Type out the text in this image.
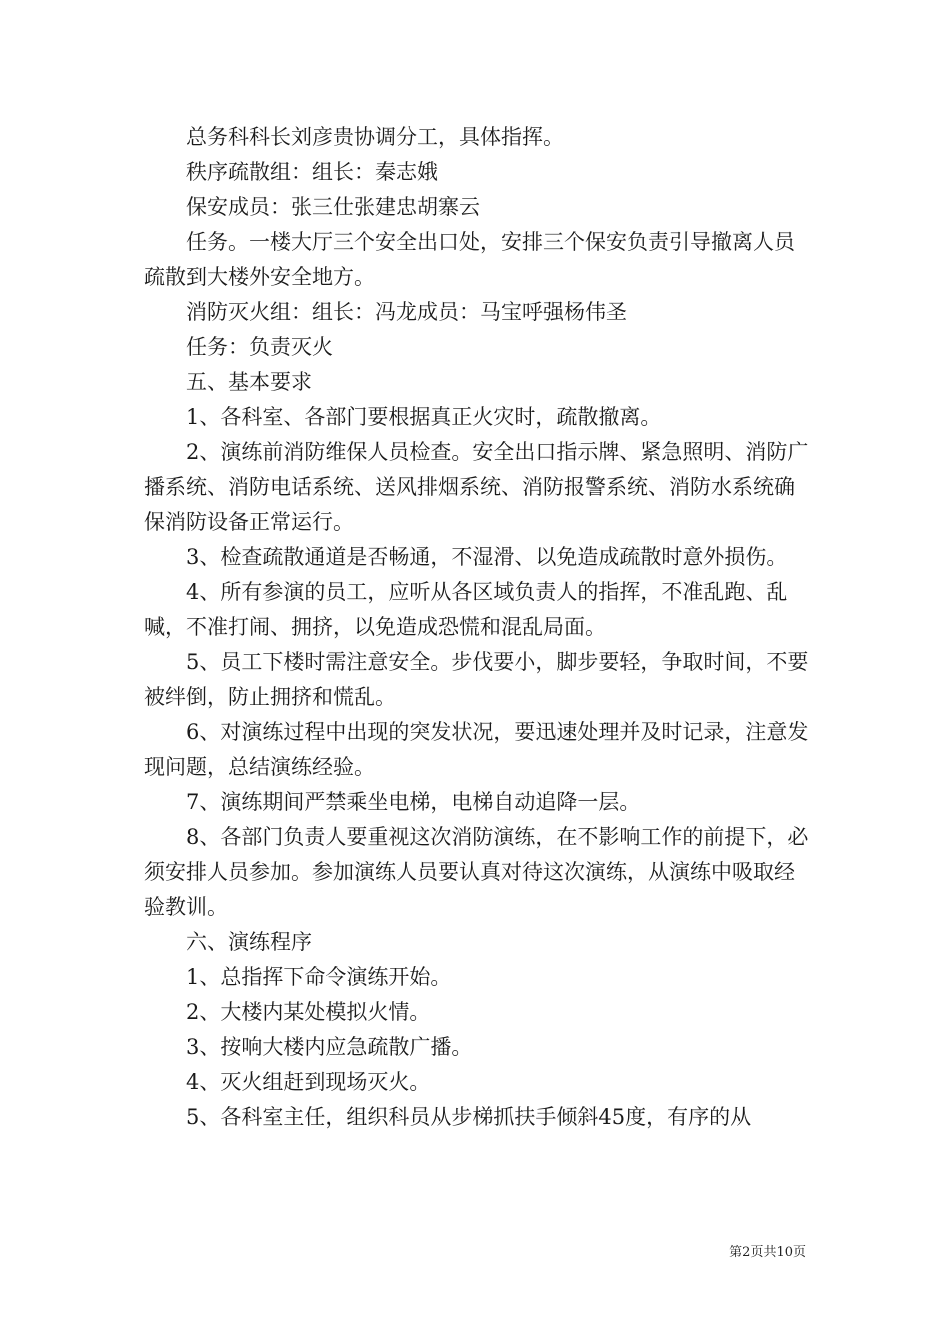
总务科科长刘彦贵协调分工，具体指挥。

秩序疏散组：组长：秦志娥

保安成员：张三仕张建忠胡寨云

任务。一楼大厅三个安全出口处，安排三个保安负责引导撤离人员疏散到大楼外安全地方。

消防灭火组：组长：冯龙成员：马宝呼强杨伟圣

任务：负责灭火

五、基本要求

1、各科室、各部门要根据真正火灾时，疏散撤离。

2、演练前消防维保人员检查。安全出口指示牌、紧急照明、消防广播系统、消防电话系统、送风排烟系统、消防报警系统、消防水系统确保消防设备正常运行。

3、检查疏散通道是否畅通，不湿滑、以免造成疏散时意外损伤。

4、所有参演的员工，应听从各区域负责人的指挥，不准乱跑、乱喊，不准打闹、拥挤，以免造成恐慌和混乱局面。

5、员工下楼时需注意安全。步伐要小，脚步要轻，争取时间，不要被绊倒，防止拥挤和慌乱。

6、对演练过程中出现的突发状况，要迅速处理并及时记录，注意发现问题，总结演练经验。

7、演练期间严禁乘坐电梯，电梯自动追降一层。

8、各部门负责人要重视这次消防演练，在不影响工作的前提下，必须安排人员参加。参加演练人员要认真对待这次演练，从演练中吸取经验教训。

六、演练程序

1、总指挥下命令演练开始。

2、大楼内某处模拟火情。

3、按响大楼内应急疏散广播。

4、灭火组赶到现场灭火。

5、各科室主任，组织科员从步梯抓扶手倾斜45度，有序的从

第2页共10页
